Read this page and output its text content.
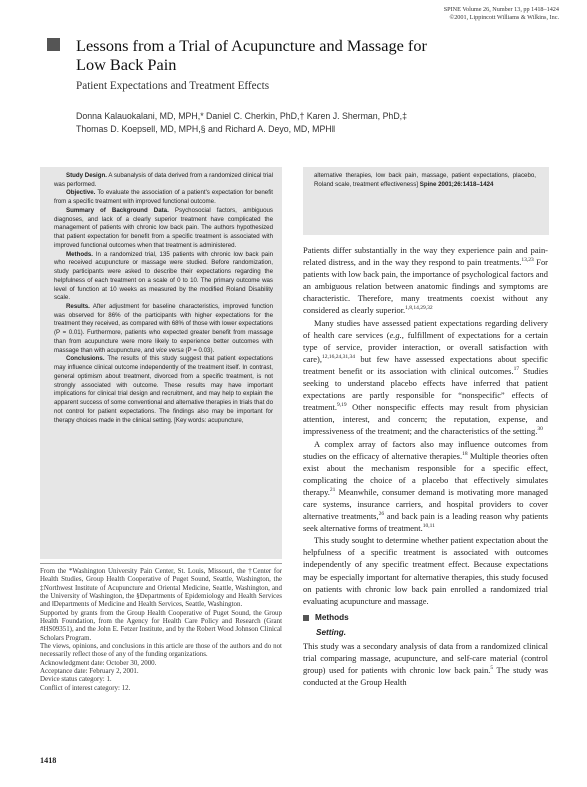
SPINE Volume 26, Number 13, pp 1418–1424
©2001, Lippincott Williams & Wilkins, Inc.
Lessons from a Trial of Acupuncture and Massage for
Low Back Pain
Patient Expectations and Treatment Effects
Donna Kalauokalani, MD, MPH,* Daniel C. Cherkin, PhD,† Karen J. Sherman, PhD,‡
Thomas D. Koepsell, MD, MPH,§ and Richard A. Deyo, MD, MPH‖

Study Design. A subanalysis of data derived from a randomized clinical trial was performed.

Objective. To evaluate the association of a patient's expectation for benefit from a specific treatment with improved functional outcome.

Summary of Background Data. Psychosocial factors, ambiguous diagnoses, and lack of a clearly superior treatment have complicated the management of patients with chronic low back pain. The authors hypothesized that patient expectation for benefit from a specific treatment is associated with improved functional outcomes when that treatment is administered.

Methods. In a randomized trial, 135 patients with chronic low back pain who received acupuncture or massage were studied. Before randomization, study participants were asked to describe their expectations regarding the helpfulness of each treatment on a scale of 0 to 10. The primary outcome was level of function at 10 weeks as measured by the modified Roland Disability scale.

Results. After adjustment for baseline characteristics, improved function was observed for 86% of the participants with higher expectations for the treatment they received, as compared with 68% of those with lower expectations (P = 0.01). Furthermore, patients who expected greater benefit from massage than from acupuncture were more likely to experience better outcomes with massage than with acupuncture, and vice versa (P = 0.03).

Conclusions. The results of this study suggest that patient expectations may influence clinical outcome independently of the treatment itself. In contrast, general optimism about treatment, divorced from a specific treatment, is not strongly associated with outcome. These results may have important implications for clinical trial design and recruitment, and may help to explain the apparent success of some conventional and alternative therapies in trials that do not control for patient expectations. The findings also may be important for therapy choices made in the clinical setting. [Key words: acupuncture,

alternative therapies, low back pain, massage, patient expectations, placebo, Roland scale, treatment effectiveness] Spine 2001;26:1418–1424

From the *Washington University Pain Center, St. Louis, Missouri, the †Center for Health Studies, Group Health Cooperative of Puget Sound, Seattle, Washington, the ‡Northwest Institute of Acupuncture and Oriental Medicine, Seattle, Washington, and the University of Washington, the §Departments of Epidemiology and Health Services and ‖Departments of Medicine and Health Services, Seattle, Washington.

Supported by grants from the Group Health Cooperative of Puget Sound, the Group Health Foundation, from the Agency for Health Care Policy and Research (Grant #HS09351), and the John E. Fetzer Institute, and by the Robert Wood Johnson Clinical Scholars Program.

The views, opinions, and conclusions in this article are those of the authors and do not necessarily reflect those of any of the funding organizations.

Acknowledgment date: October 30, 2000.

Acceptance date: February 2, 2001.

Device status category: 1.

Conflict of interest category: 12.

1418

Patients differ substantially in the way they experience pain and pain-related distress, and in the way they respond to pain treatments.$^{13,23}$ For patients with low back pain, the importance of psychological factors and an ambiguous relation between anatomic findings and symptoms are characteristic. Therefore, many treatments coexist without any considered as clearly superior.$^{1,8,14,29,32}$

Many studies have assessed patient expectations regarding delivery of health care services (e.g., fulfillment of expectations for a certain type of service, provider interaction, or overall satisfaction with care),$^{12,16,24,31,34}$ but few have assessed expectations about specific treatment benefit or its association with clinical outcomes.$^{17}$ Studies seeking to understand placebo effects have inferred that patient expectations are partly responsible for “nonspecific” effects of treatment.$^{9,19}$ Other nonspecific effects may result from physician attention, interest, and concern; the reputation, expense, and impressiveness of the treatment; and the characteristics of the setting.$^{30}$

A complex array of factors also may influence outcomes from studies on the efficacy of alternative therapies.$^{18}$ Multiple theories often exist about the mechanism responsible for a specific effect, complicating the choice of a placebo that effectively simulates therapy.$^{21}$ Meanwhile, consumer demand is motivating more managed care systems, insurance carriers, and hospital providers to cover alternative treatments,$^{26}$ and back pain is a leading reason why patients seek alternative forms of treatment.$^{10,11}$

This study sought to determine whether patient expectation about the helpfulness of a specific treatment is associated with outcomes independently of any specific treatment effect. Because expectations may be especially important for alternative therapies, this study focused on patients with chronic low back pain enrolled a randomized trial evaluating acupuncture and massage.

Methods
Setting.

This study was a secondary analysis of data from a randomized clinical trial comparing massage, acupuncture, and self-care material (control group) used for patients with chronic low back pain.$^5$ The study was conducted at the Group Health
